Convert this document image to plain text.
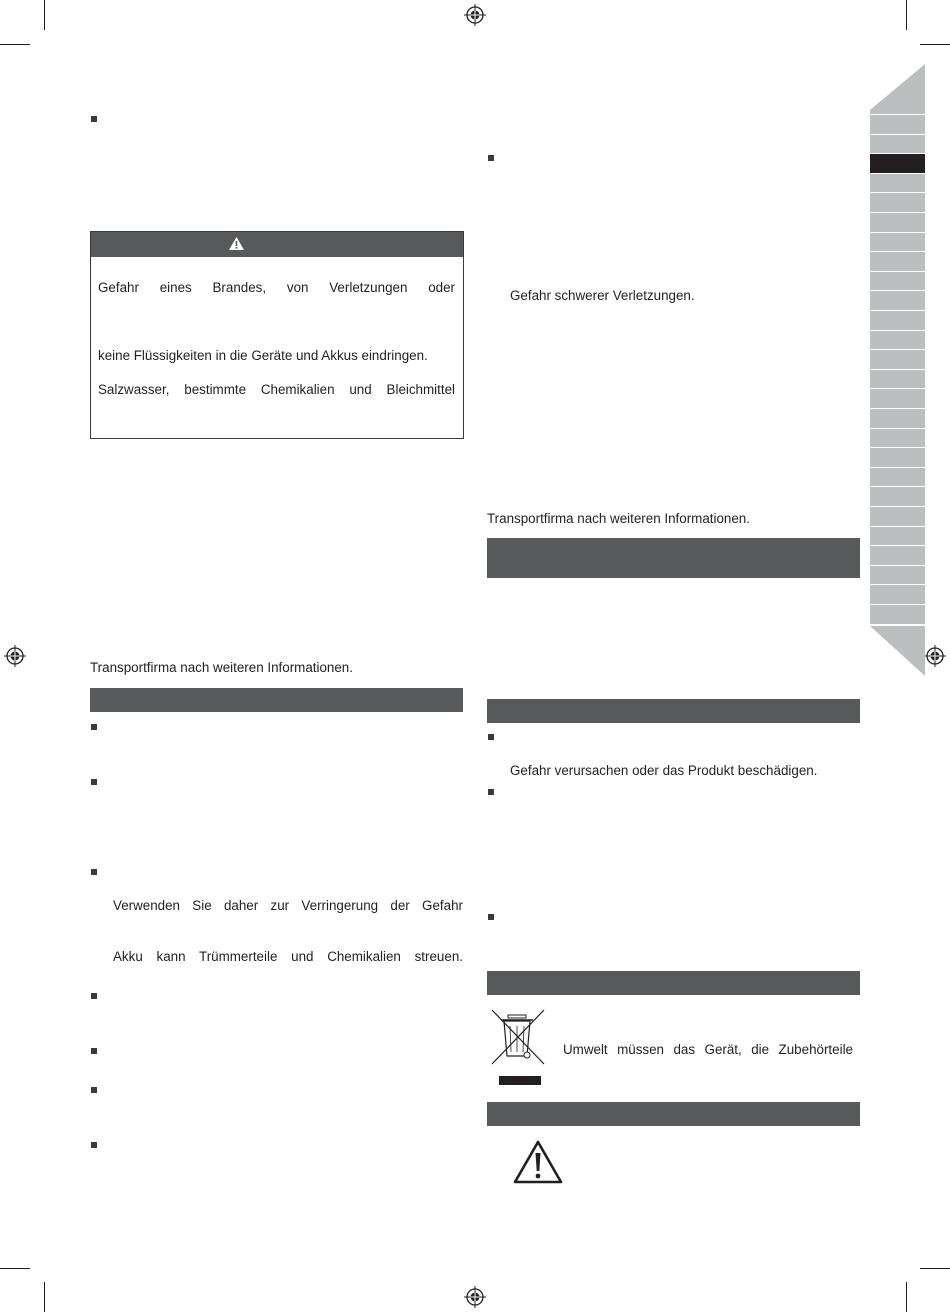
Gefahr eines Brandes, von Verletzungen oder
keine Flüssigkeiten in die Geräte und Akkus eindringen.
Salzwasser, bestimmte Chemikalien und Bleichmittel
Transportfirma nach weiteren Informationen.
Verwenden Sie daher zur Verringerung der Gefahr
Akku kann Trümmerteile und Chemikalien streuen.
Gefahr schwerer Verletzungen.
Transportfirma nach weiteren Informationen.
Gefahr verursachen oder das Produkt beschädigen.
Umwelt müssen das Gerät, die Zubehörteile
